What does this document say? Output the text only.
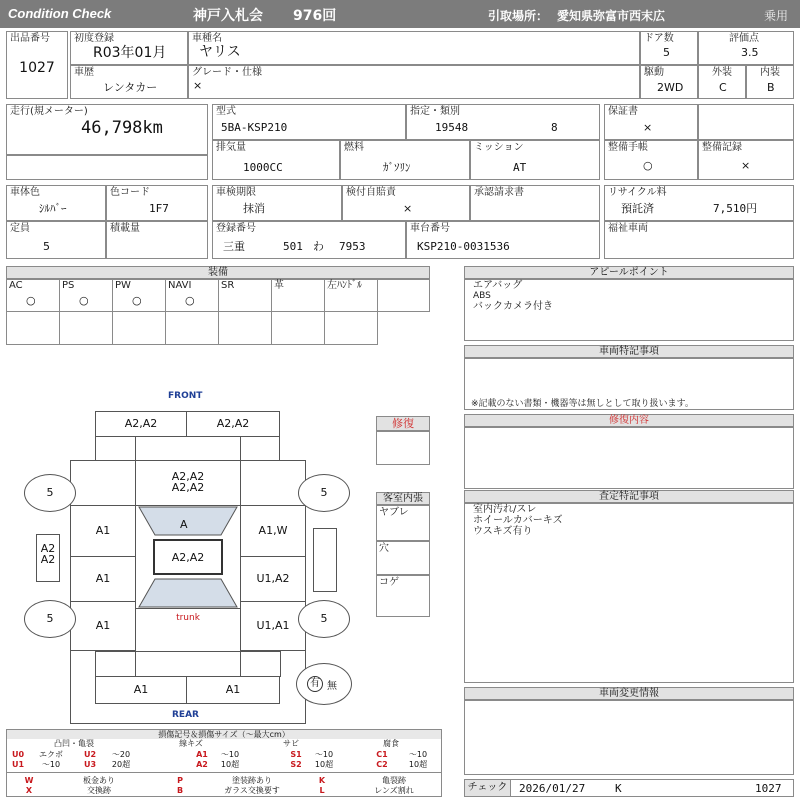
Condition Check	神戸入札会 976回	引取場所： 愛知県弥富市西末広	乗用
出品番号
1027
初度登録
R03年01月
車種名
ヤリス
ドア数
5
評価点
3.5
車歴
レンタカー
グレード・仕様
×
駆動
2WD
外装
C
内装
B
走行(規メーター)
46,798km
型式
5BA-KSP210
指定・類別
19548	8
排気量
1000CC
燃料
ｶﾞｿﾘﾝ
ミッション
AT
保証書
×
整備手帳
○
整備記録
×
車体色
ｼﾙﾊﾞｰ
色コード
1F7
定員
5
積載量
車検期限
抹消
検付自賠責
×
承認請求書
登録番号
三重	501 わ 7953
車台番号
KSP210-0031536
リサイクル料
預託済	7,510円
福祉車両
装備
AC
○
PS
○
PW
○
NAVI
○
SR	革	左ﾊﾝﾄﾞﾙ
アピールポイント
エアバッグ
ABS
バックカメラ付き
車両特記事項
※記載のない書類・機器等は無しとして取り扱います。
修復内容
査定特記事項
室内汚れ/スレ
ホイールカバーキズ
ウスキズ有り
車両変更情報
修復
客室内張
ヤブレ
穴
コゲ
FRONT
A2,A2	A2,A2
A2,A2
A2,A2
A1	A1,W
A
A2,A2
A2
A2
A1	U1,A2
A1	U1,A1
trunk
A1	A1
REAR
5	5
5	5
有 無
損傷記号＆損傷サイズ（〜最大cm）
凸凹・亀裂	線キズ	サビ	腐食
U0	エクボ	U2	〜20	A1	〜10	S1	〜10	C1	〜10
U1	〜10	U3	20超	A2	10超	S2	10超	C2	10超
W	板金あり	P	塗装跡あり	K	亀裂跡
X	交換跡	B	ガラス交換要す	L	レンズ割れ	チェック	2026/01/27	K	1027
